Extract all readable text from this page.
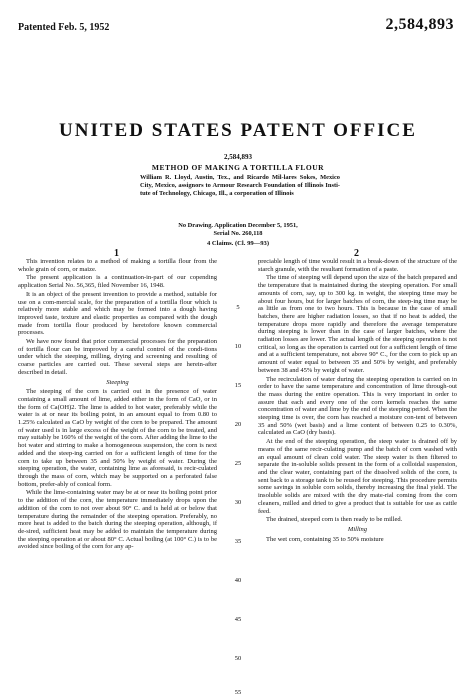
Patented Feb. 5, 1952	2,584,893
UNITED STATES PATENT OFFICE
2,584,893
METHOD OF MAKING A TORTILLA FLOUR
William R. Lloyd, Austin, Tex., and Ricardo Mil-lares Sokes, Mexico City, Mexico, assignors to Armour Research Foundation of Illinois Insti-tute of Technology, Chicago, Ill., a corporation of Illinois
No Drawing. Application December 5, 1951,
Serial No. 260,118
4 Claims. (Cl. 99—93)
1	2

This invention relates to a method of making a tortilla flour from the whole grain of corn, or maize.

The present application is a continuation-in-part of our copending application Serial No. 56,365, filed November 16, 1948.

It is an object of the present invention to provide a method, suitable for use on a com-mercial scale, for the preparation of a tortilla flour which is relatively more stable and which may be formed into a dough having improved taste, texture and elastic properties as compared with the dough made from tortilla flour produced by heretofore known commercial processes.

We have now found that prior commercial processes for the preparation of tortilla flour can be improved by a careful control of the condi-tions under which the steeping, milling, drying and screening and resulting of coarse particles are carried out. These several steps are herein-after described in detail.

Steeping

The steeping of the corn is carried out in the presence of water containing a small amount of lime, added either in the form of CaO, or in the form of Ca(OH)2. The lime is added to hot water, preferably while the water is at or near its boiling point, in an amount equal to from 0.80 to 1.25% calculated as CaO by weight of the corn to be prepared. The amount of water used is in large excess of the weight of the corn to be treated, and may suitably be 160% of the weight of the corn. After adding the lime to the hot water and stirring to make a homogeneous suspension, the corn is next added and the steep-ing carried on for a sufficient length of time for the corn to take up between 35 and 50% by weight of water. During the steeping operation, the water, containing lime as aforesaid, is recir-culated through the mass of corn, which may be supported on a perforated false bottom, prefer-ably of conical form.

While the lime-containing water may be at or near its boiling point prior to the addition of the corn, the temperature immediately drops upon the addition of the corn to not over about 90° C. and is held at or below that temperature during the remainder of the steeping operation. Preferably, no more heat is added to the batch during the steeping operation, although, if de-sired, sufficient heat may be added to maintain the temperature during the steeping operation at or about 80° C. Actual boiling (at 100° C.) is to be avoided since boiling of the corn for any ap-

5
10
15
20
25
30
35
40
45
50
55

preciable length of time would result in a break-down of the structure of the starch granule, with the resultant formation of a paste.

The time of steeping will depend upon the size of the batch prepared and the temperature that is maintained during the steeping operation. For small amounts of corn, say, up to 300 kg. in weight, the steeping time may be about four hours, but for larger batches of corn, the steep-ing time may be as little as from one to two hours. This is because in the case of small batches, there are higher radiation losses, so that if no heat is added, the temperature drops more rapidly and therefore the average temperature during steeping is lower than in the case of larger batches, where the radiation losses are lower. The actual length of the steeping operation is not critical, so long as the operation is carried out for a sufficient length of time and at a sufficient temperature, not above 90° C., for the corn to pick up an amount of water equal to between 35 and 50% by weight, and preferably between 38 and 45% by weight of water.

The recirculation of water during the steeping operation is carried on in order to have the same temperature and concentration of lime through-out the mass during the entire operation. This is very important in order to assure that each and every one of the corn kernels reaches the same concentration of water and lime by the end of the steeping period. When the steeping time is over, the corn has reached a moisture con-tent of between 35 and 50% (wet basis) and a lime content of between 0.25 to 0.30%, calculated as CaO (dry basis).

At the end of the steeping operation, the steep water is drained off by means of the same recir-culating pump and the batch of corn washed with an equal amount of clean cold water. The steep water is then filtered to separate the in-soluble solids present in the form of a colloidal suspension, and the clear water, containing part of the dissolved solids of the corn, is sent back to a storage tank to be reused for steeping. This procedure permits some savings in soluble corn solids, thereby increasing the final yield. The insoluble solids are mixed with the dry mate-rial coming from the corn cleaners, milled and dried to give a product that is suitable for use as cattle feed.

The drained, steeped corn is then ready to be milled.

Milling

The wet corn, containing 35 to 50% moisture
